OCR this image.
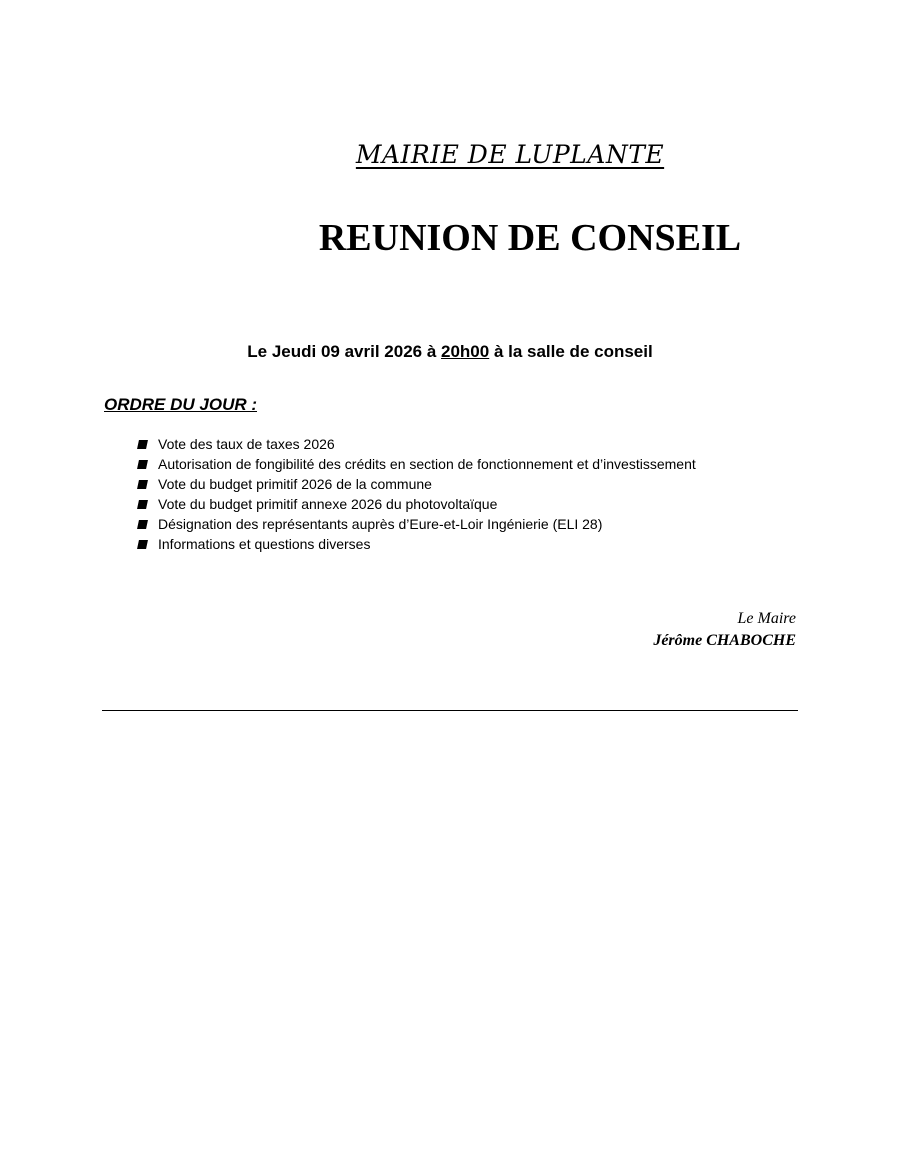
MAIRIE DE LUPLANTE
REUNION DE CONSEIL
Le Jeudi 09 avril 2026 à 20h00 à la salle de conseil
ORDRE DU JOUR :
Vote des taux de taxes 2026
Autorisation de fongibilité des crédits en section de fonctionnement et d’investissement
Vote du budget primitif 2026 de la commune
Vote du budget primitif annexe 2026 du photovoltaïque
Désignation des représentants auprès d’Eure-et-Loir Ingénierie (ELI 28)
Informations et questions diverses
Le Maire
Jérôme CHABOCHE
